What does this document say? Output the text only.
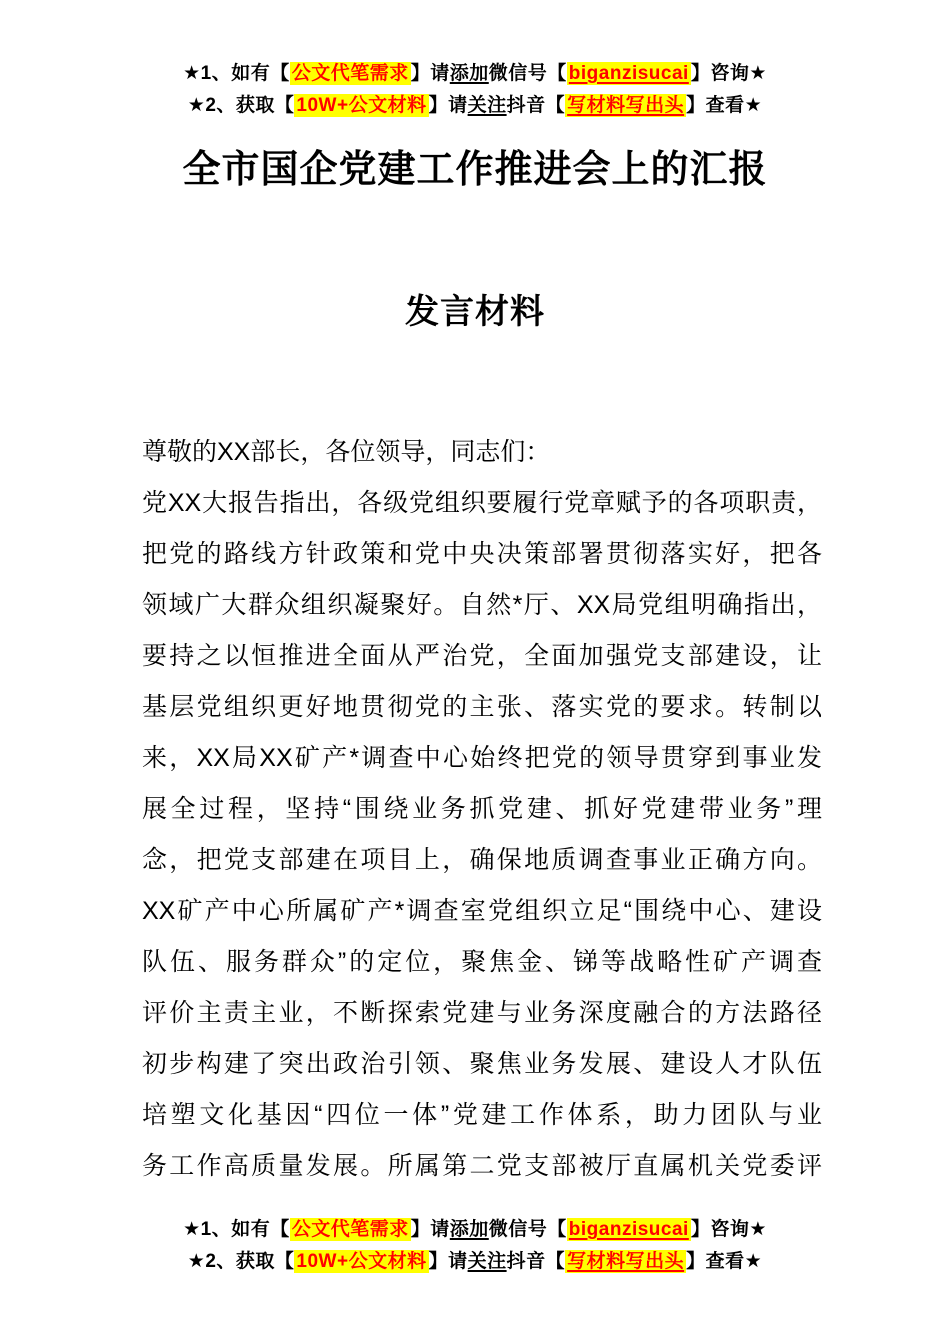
★1、如有【 公文代笔需求 】请添加微信号【 biganzisucai 】咨询★
★2、获取【 10W+公文材料 】请关注抖音【 写材料写出头 】查看★
全市国企党建工作推进会上的汇报
发言材料
尊敬的XX部长，各位领导，同志们：
党XX大报告指出，各级党组织要履行党章赋予的各项职责，
把党的路线方针政策和党中央决策部署贯彻落实好，把各
领域广大群众组织凝聚好。自然*厅、XX局党组明确指出，
要持之以恒推进全面从严治党，全面加强党支部建设，让
基层党组织更好地贯彻党的主张、落实党的要求。转制以
来，XX局XX矿产*调查中心始终把党的领导贯穿到事业发
展全过程，坚持“围绕业务抓党建、抓好党建带业务”理
念，把党支部建在项目上，确保地质调查事业正确方向。
XX矿产中心所属矿产*调查室党组织立足“围绕中心、建设
队伍、服务群众”的定位，聚焦金、锑等战略性矿产调查
评价主责主业，不断探索党建与业务深度融合的方法路径
初步构建了突出政治引领、聚焦业务发展、建设人才队伍
培塑文化基因“四位一体”党建工作体系，助力团队与业
务工作高质量发展。所属第二党支部被厅直属机关党委评
★1、如有【 公文代笔需求 】请添加微信号【 biganzisucai 】咨询★
★2、获取【 10W+公文材料 】请关注抖音【 写材料写出头 】查看★
